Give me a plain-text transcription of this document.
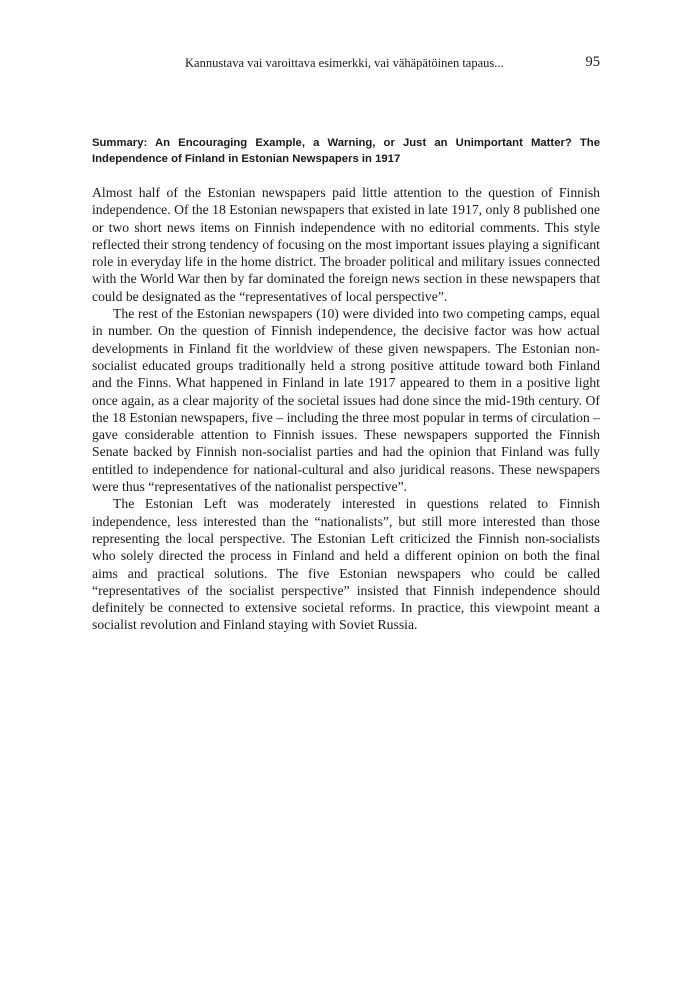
Kannustava vai varoittava esimerkki, vai vähäpätöinen tapaus...	95
Summary: An Encouraging Example, a Warning, or Just an Unimportant Matter? The Independence of Finland in Estonian Newspapers in 1917

Almost half of the Estonian newspapers paid little attention to the question of Finnish independence. Of the 18 Estonian newspapers that existed in late 1917, only 8 published one or two short news items on Finnish independence with no editorial comments. This style reflected their strong tendency of focusing on the most important issues playing a significant role in everyday life in the home district. The broader political and military issues connected with the World War then by far dominated the foreign news section in these newspapers that could be designated as the “representatives of local perspective”.

The rest of the Estonian newspapers (10) were divided into two competing camps, equal in number. On the question of Finnish independence, the decisive factor was how actual developments in Finland fit the worldview of these given newspapers. The Estonian non-socialist educated groups traditionally held a strong positive attitude toward both Finland and the Finns. What happened in Finland in late 1917 appeared to them in a positive light once again, as a clear majority of the societal issues had done since the mid-19th century. Of the 18 Estonian newspapers, five – including the three most popular in terms of circulation – gave considerable attention to Finnish issues. These newspapers supported the Finnish Senate backed by Finnish non-socialist parties and had the opinion that Finland was fully entitled to independence for national-cultural and also juridical reasons. These newspapers were thus “representatives of the nationalist perspective”.

The Estonian Left was moderately interested in questions related to Finnish independence, less interested than the “nationalists”, but still more interested than those representing the local perspective. The Estonian Left criticized the Finnish non-socialists who solely directed the process in Finland and held a different opinion on both the final aims and practical solutions. The five Estonian newspapers who could be called “representatives of the socialist perspective” insisted that Finnish independence should definitely be connected to extensive societal reforms. In practice, this viewpoint meant a socialist revolution and Finland staying with Soviet Russia.
